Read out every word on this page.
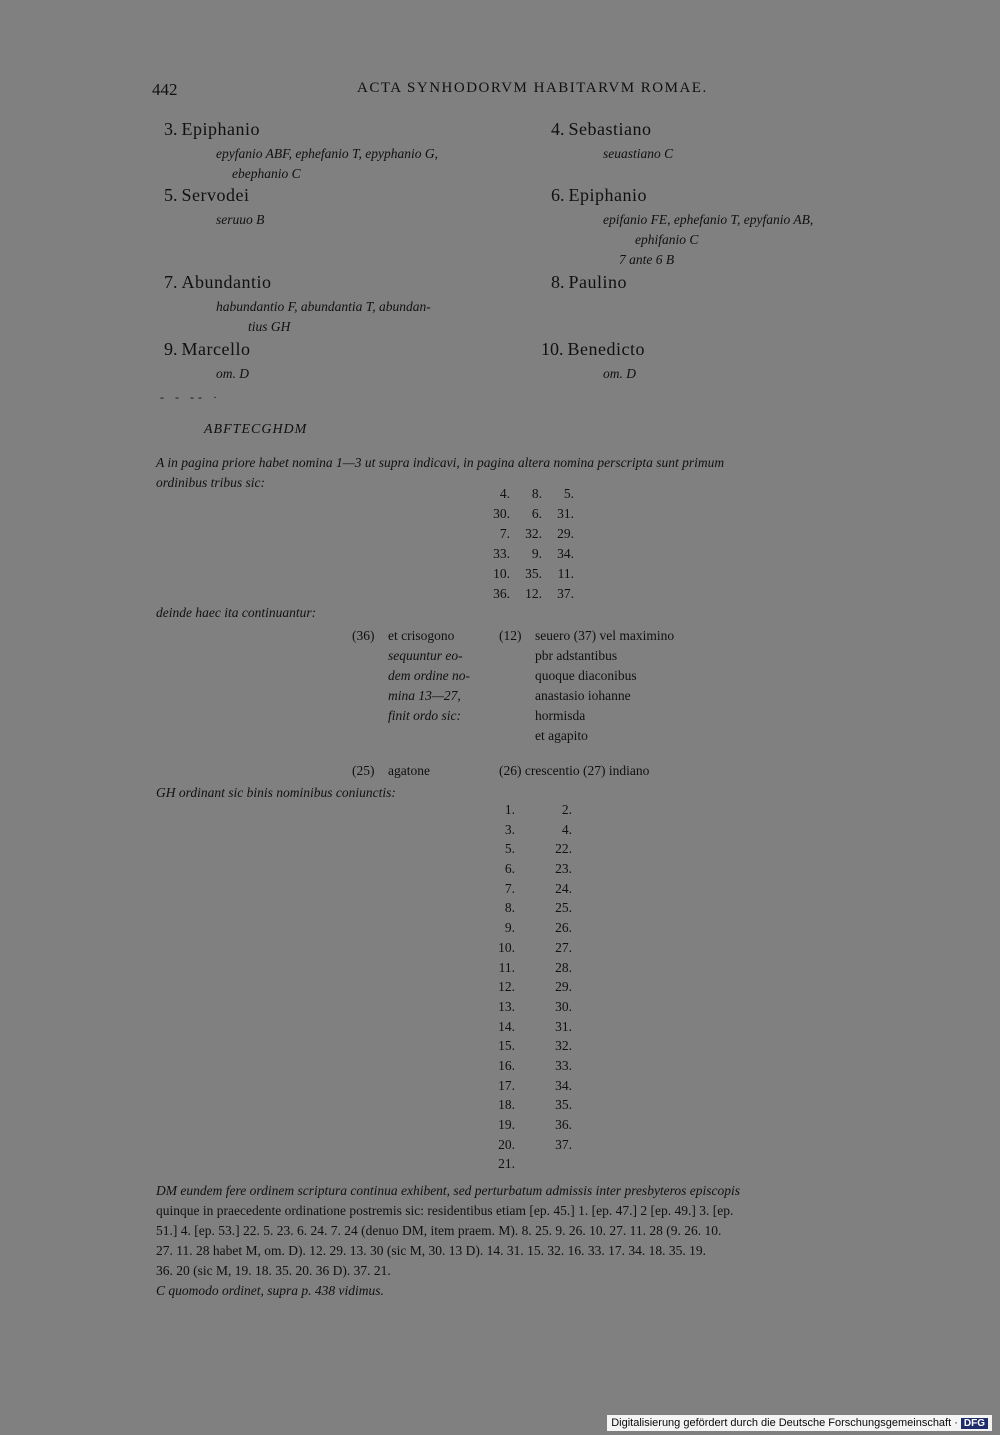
442	ACTA SYNHODORVM HABITARVM ROMAE.
3. Epiphanio
epyfanio ABF, ephefanio T, epyphanio G,
ebephanio C
4. Sebastiano
seuastiano C
5. Servodei
seruuo B
6. Epiphanio
epifanio FE, ephefanio T, epyfanio AB,
ephifanio C
7 ante 6 B
7. Abundantio
habundantio F, abundantia T, abundan-
tius GH
8. Paulino
9. Marcello
om. D
10. Benedicto
om. D
- - -- ·
ABFTECGHDM
A in pagina priore habet nomina 1—3 ut supra indicavi, in pagina altera nomina perscripta sunt primum
ordinibus tribus sic:
4.	8.	5.
30.	6.	31.
7.	32.	29.
33.	9.	34.
10.	35.	11.
36.	12.	37.
deinde haec ita continuantur:
(36) et crisogono
sequuntur eo-
dem ordine no-
mina 13—27,
finit ordo sic:
(12) seuero (37) vel maximino
pbr adstantibus
quoque diaconibus
anastasio iohanne
hormisda
et agapito
(25) agatone	(26) crescentio (27) indiano
GH ordinant sic binis nominibus coniunctis:
1.	2.
3.	4.
5.	22.
6.	23.
7.	24.
8.	25.
9.	26.
10.	27.
11.	28.
12.	29.
13.	30.
14.	31.
15.	32.
16.	33.
17.	34.
18.	35.
19.	36.
20.	37.
21.
DM eundem fere ordinem scriptura continua exhibent, sed perturbatum admissis inter presbyteros episcopis
quinque in praecedente ordinatione postremis sic: residentibus etiam [ep. 45.] 1. [ep. 47.] 2 [ep. 49.] 3. [ep.
51.] 4. [ep. 53.] 22. 5. 23. 6. 24. 7. 24 (denuo DM, item praem. M). 8. 25. 9. 26. 10. 27. 11. 28 (9. 26. 10.
27. 11. 28 habet M, om. D). 12. 29. 13. 30 (sic M, 30. 13 D). 14. 31. 15. 32. 16. 33. 17. 34. 18. 35. 19.
36. 20 (sic M, 19. 18. 35. 20. 36 D). 37. 21.
C quomodo ordinet, supra p. 438 vidimus.
Digitalisierung gefördert durch die Deutsche Forschungsgemeinschaft · DFG
